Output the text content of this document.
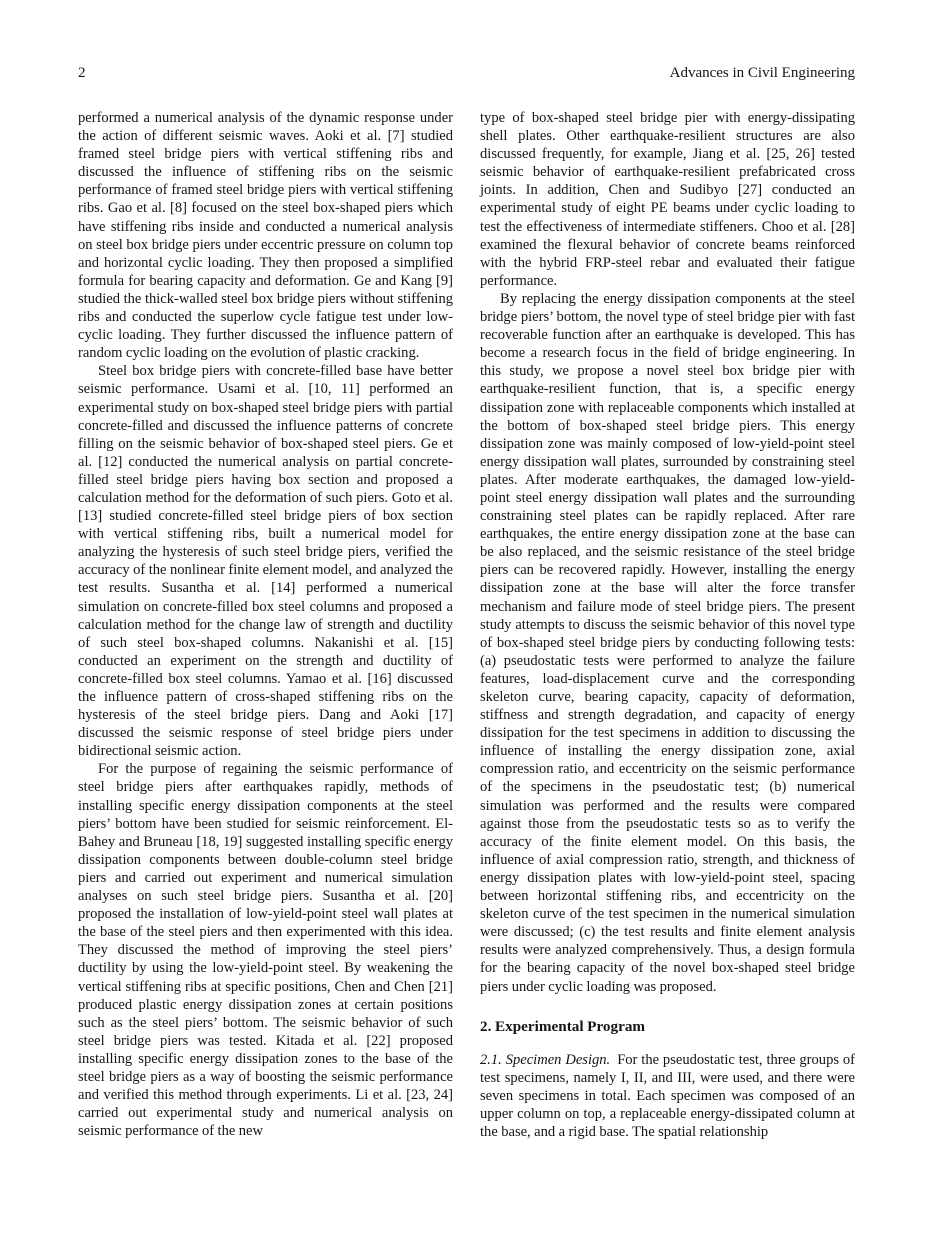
2	Advances in Civil Engineering

performed a numerical analysis of the dynamic response under the action of different seismic waves. Aoki et al. [7] studied framed steel bridge piers with vertical stiffening ribs and discussed the influence of stiffening ribs on the seismic performance of framed steel bridge piers with vertical stiffening ribs. Gao et al. [8] focused on the steel box-shaped piers which have stiffening ribs inside and conducted a numerical analysis on steel box bridge piers under eccentric pressure on column top and horizontal cyclic loading. They then proposed a simplified formula for bearing capacity and deformation. Ge and Kang [9] studied the thick-walled steel box bridge piers without stiffening ribs and conducted the superlow cycle fatigue test under low-cyclic loading. They further discussed the influence pattern of random cyclic loading on the evolution of plastic cracking.

Steel box bridge piers with concrete-filled base have better seismic performance. Usami et al. [10, 11] performed an experimental study on box-shaped steel bridge piers with partial concrete-filled and discussed the influence patterns of concrete filling on the seismic behavior of box-shaped steel piers. Ge et al. [12] conducted the numerical analysis on partial concrete-filled steel bridge piers having box section and proposed a calculation method for the deformation of such piers. Goto et al. [13] studied concrete-filled steel bridge piers of box section with vertical stiffening ribs, built a numerical model for analyzing the hysteresis of such steel bridge piers, verified the accuracy of the nonlinear finite element model, and analyzed the test results. Susantha et al. [14] performed a numerical simulation on concrete-filled box steel columns and proposed a calculation method for the change law of strength and ductility of such steel box-shaped columns. Nakanishi et al. [15] conducted an experiment on the strength and ductility of concrete-filled box steel columns. Yamao et al. [16] discussed the influence pattern of cross-shaped stiffening ribs on the hysteresis of the steel bridge piers. Dang and Aoki [17] discussed the seismic response of steel bridge piers under bidirectional seismic action.

For the purpose of regaining the seismic performance of steel bridge piers after earthquakes rapidly, methods of installing specific energy dissipation components at the steel piers’ bottom have been studied for seismic reinforcement. El-Bahey and Bruneau [18, 19] suggested installing specific energy dissipation components between double-column steel bridge piers and carried out experiment and numerical simulation analyses on such steel bridge piers. Susantha et al. [20] proposed the installation of low-yield-point steel wall plates at the base of the steel piers and then experimented with this idea. They discussed the method of improving the steel piers’ ductility by using the low-yield-point steel. By weakening the vertical stiffening ribs at specific positions, Chen and Chen [21] produced plastic energy dissipation zones at certain positions such as the steel piers’ bottom. The seismic behavior of such steel bridge piers was tested. Kitada et al. [22] proposed installing specific energy dissipation zones to the base of the steel bridge piers as a way of boosting the seismic performance and verified this method through experiments. Li et al. [23, 24] carried out experimental study and numerical analysis on seismic performance of the new

type of box-shaped steel bridge pier with energy-dissipating shell plates. Other earthquake-resilient structures are also discussed frequently, for example, Jiang et al. [25, 26] tested seismic behavior of earthquake-resilient prefabricated cross joints. In addition, Chen and Sudibyo [27] conducted an experimental study of eight PE beams under cyclic loading to test the effectiveness of intermediate stiffeners. Choo et al. [28] examined the flexural behavior of concrete beams reinforced with the hybrid FRP-steel rebar and evaluated their fatigue performance.

By replacing the energy dissipation components at the steel bridge piers’ bottom, the novel type of steel bridge pier with fast recoverable function after an earthquake is developed. This has become a research focus in the field of bridge engineering. In this study, we propose a novel steel box bridge pier with earthquake-resilient function, that is, a specific energy dissipation zone with replaceable components which installed at the bottom of box-shaped steel bridge piers. This energy dissipation zone was mainly composed of low-yield-point steel energy dissipation wall plates, surrounded by constraining steel plates. After moderate earthquakes, the damaged low-yield-point steel energy dissipation wall plates and the surrounding constraining steel plates can be rapidly replaced. After rare earthquakes, the entire energy dissipation zone at the base can be also replaced, and the seismic resistance of the steel bridge piers can be recovered rapidly. However, installing the energy dissipation zone at the base will alter the force transfer mechanism and failure mode of steel bridge piers. The present study attempts to discuss the seismic behavior of this novel type of box-shaped steel bridge piers by conducting following tests: (a) pseudostatic tests were performed to analyze the failure features, load-displacement curve and the corresponding skeleton curve, bearing capacity, capacity of deformation, stiffness and strength degradation, and capacity of energy dissipation for the test specimens in addition to discussing the influence of installing the energy dissipation zone, axial compression ratio, and eccentricity on the seismic performance of the specimens in the pseudostatic test; (b) numerical simulation was performed and the results were compared against those from the pseudostatic tests so as to verify the accuracy of the finite element model. On this basis, the influence of axial compression ratio, strength, and thickness of energy dissipation plates with low-yield-point steel, spacing between horizontal stiffening ribs, and eccentricity on the skeleton curve of the test specimen in the numerical simulation were discussed; (c) the test results and finite element analysis results were analyzed comprehensively. Thus, a design formula for the bearing capacity of the novel box-shaped steel bridge piers under cyclic loading was proposed.

2. Experimental Program

2.1. Specimen Design. For the pseudostatic test, three groups of test specimens, namely I, II, and III, were used, and there were seven specimens in total. Each specimen was composed of an upper column on top, a replaceable energy-dissipated column at the base, and a rigid base. The spatial relationship
